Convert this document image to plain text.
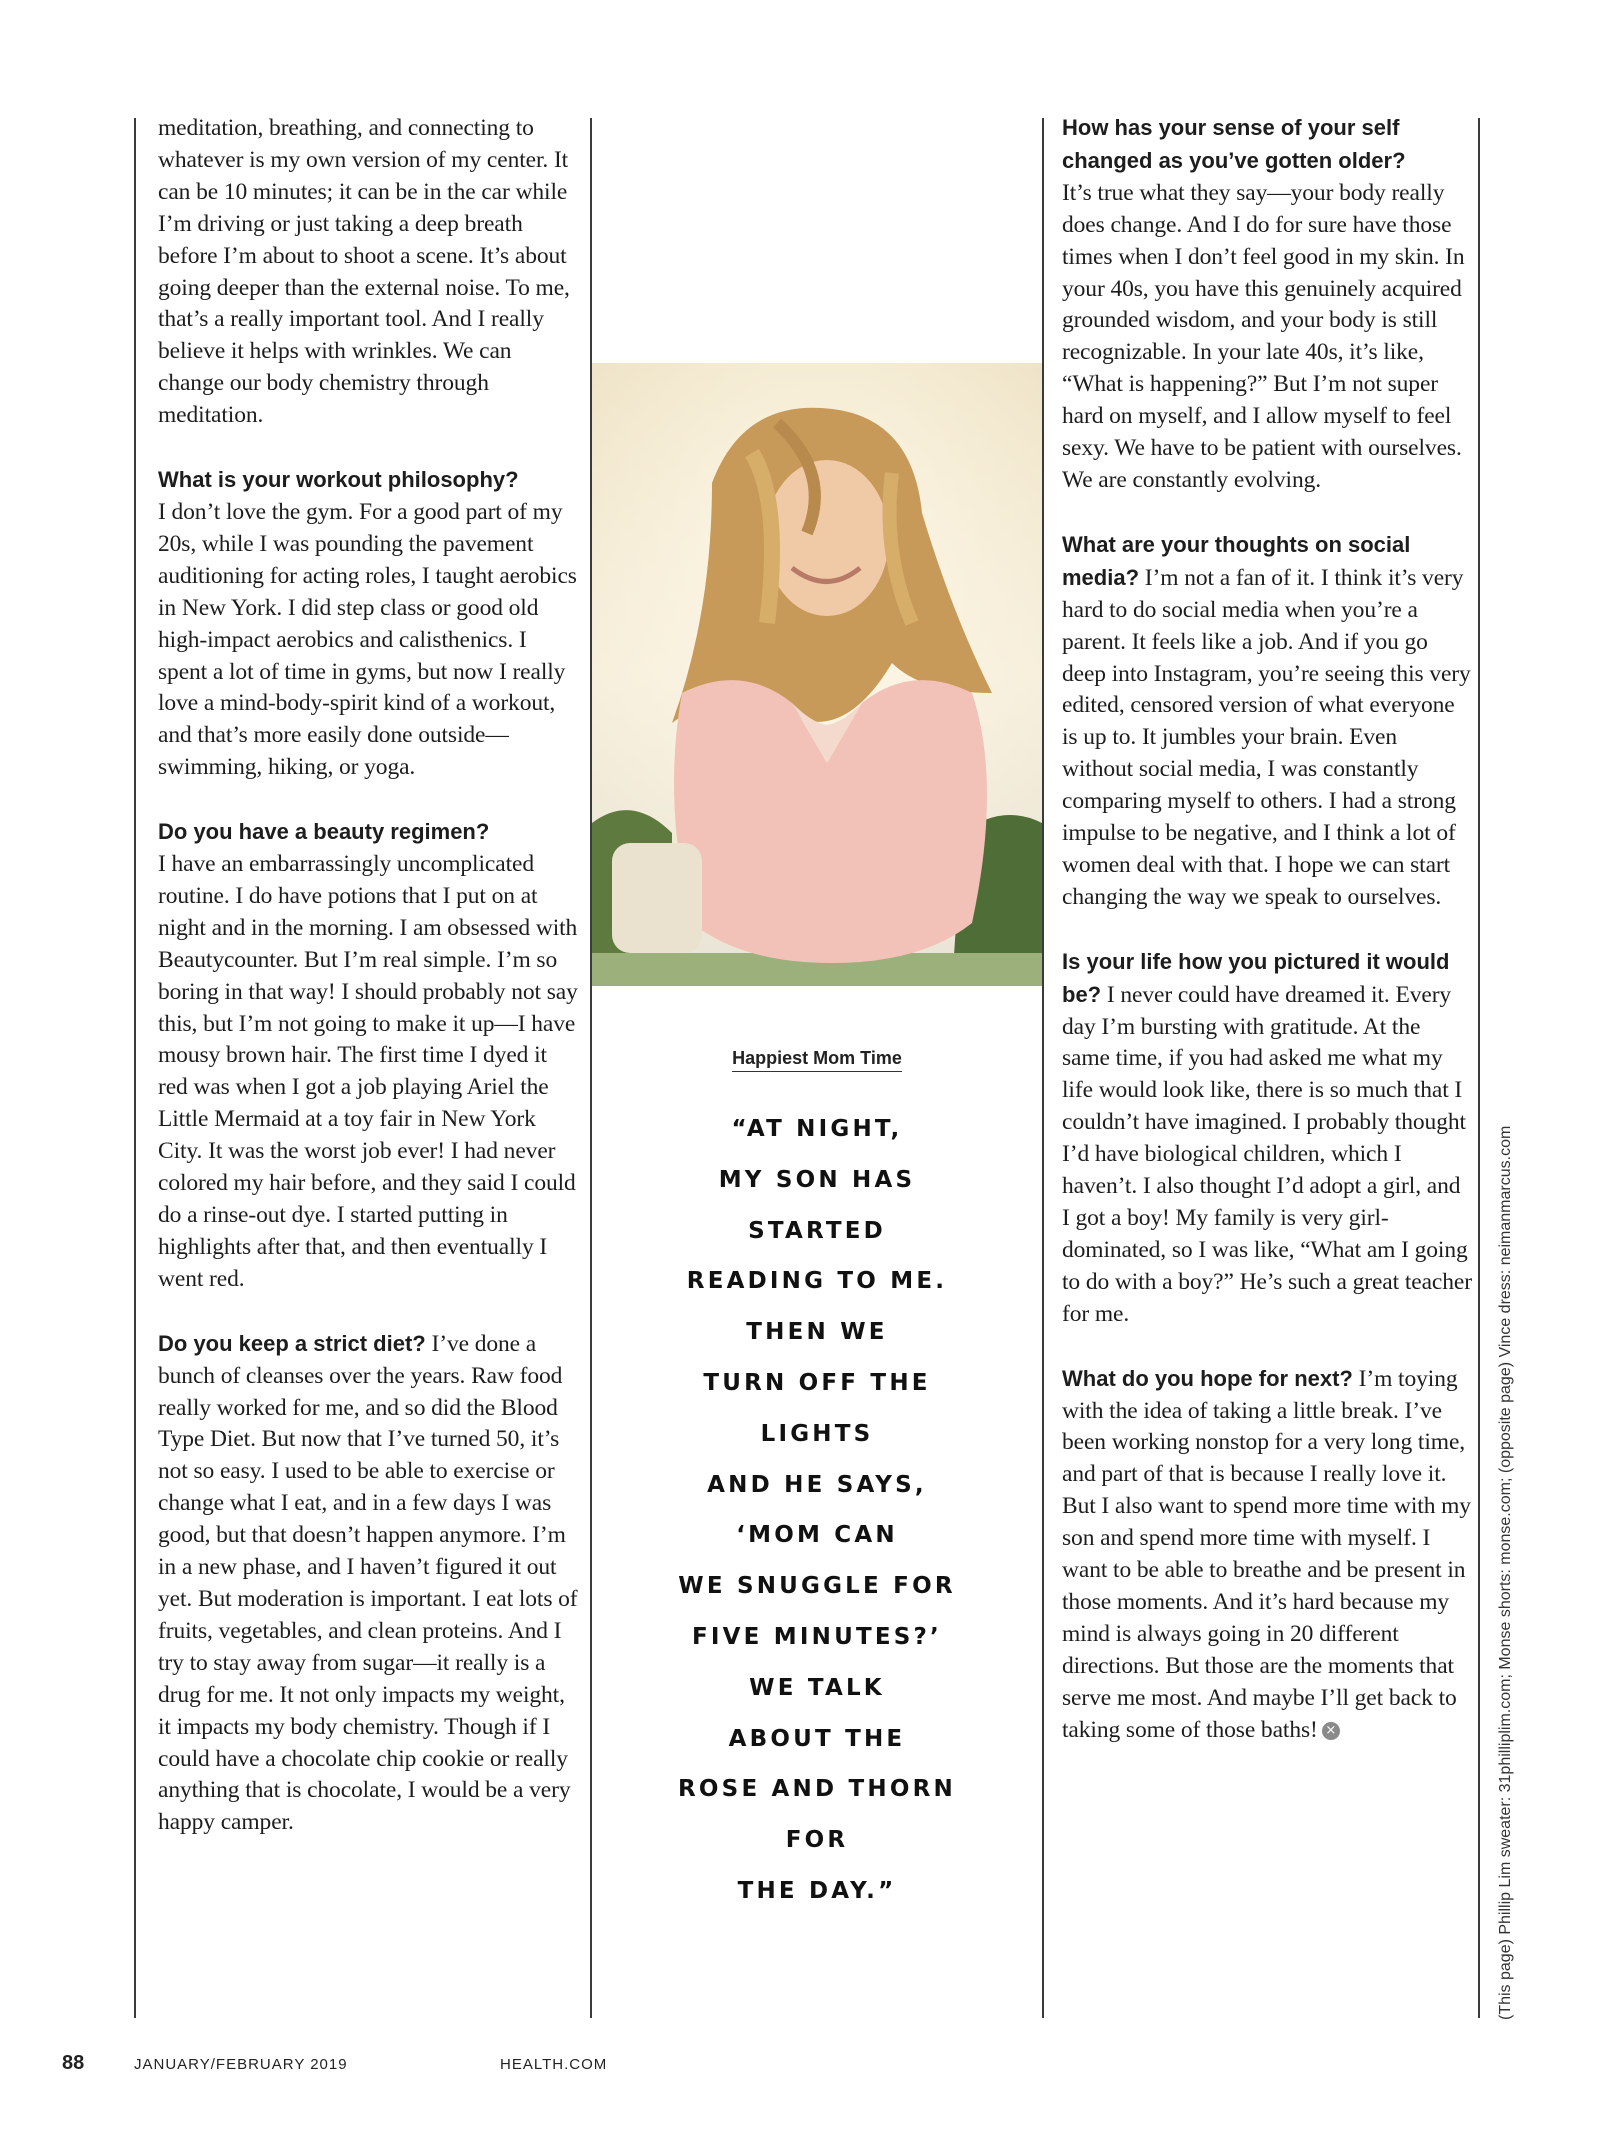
meditation, breathing, and connecting to whatever is my own version of my center. It can be 10 minutes; it can be in the car while I’m driving or just taking a deep breath before I’m about to shoot a scene. It’s about going deeper than the external noise. To me, that’s a really important tool. And I really believe it helps with wrinkles. We can change our body chemistry through meditation.

What is your workout philosophy?
I don’t love the gym. For a good part of my 20s, while I was pounding the pavement auditioning for acting roles, I taught aerobics in New York. I did step class or good old high-impact aerobics and calisthenics. I spent a lot of time in gyms, but now I really love a mind-body-spirit kind of a workout, and that’s more easily done outside—swimming, hiking, or yoga.

Do you have a beauty regimen?
I have an embarrassingly uncomplicated routine. I do have potions that I put on at night and in the morning. I am obsessed with Beautycounter. But I’m real simple. I’m so boring in that way! I should probably not say this, but I’m not going to make it up—I have mousy brown hair. The first time I dyed it red was when I got a job playing Ariel the Little Mermaid at a toy fair in New York City. It was the worst job ever! I had never colored my hair before, and they said I could do a rinse-out dye. I started putting in highlights after that, and then eventually I went red.

Do you keep a strict diet? I’ve done a bunch of cleanses over the years. Raw food really worked for me, and so did the Blood Type Diet. But now that I’ve turned 50, it’s not so easy. I used to be able to exercise or change what I eat, and in a few days I was good, but that doesn’t happen anymore. I’m in a new phase, and I haven’t figured it out yet. But moderation is important. I eat lots of fruits, vegetables, and clean proteins. And I try to stay away from sugar—it really is a drug for me. It not only impacts my weight, it impacts my body chemistry. Though if I could have a chocolate chip cookie or really anything that is chocolate, I would be a very happy camper.

Happiest Mom Time
“AT NIGHT,
MY SON HAS
STARTED
READING TO ME.
THEN WE
TURN OFF THE
LIGHTS
AND HE SAYS,
‘MOM CAN
WE SNUGGLE FOR
FIVE MINUTES?’
WE TALK
ABOUT THE
ROSE AND THORN
FOR
THE DAY.”

How has your sense of your self changed as you’ve gotten older?
It’s true what they say—your body really does change. And I do for sure have those times when I don’t feel good in my skin. In your 40s, you have this genuinely acquired grounded wisdom, and your body is still recognizable. In your late 40s, it’s like, “What is happening?” But I’m not super hard on myself, and I allow myself to feel sexy. We have to be patient with ourselves. We are constantly evolving.

What are your thoughts on social media? I’m not a fan of it. I think it’s very hard to do social media when you’re a parent. It feels like a job. And if you go deep into Instagram, you’re seeing this very edited, censored version of what everyone is up to. It jumbles your brain. Even without social media, I was constantly comparing myself to others. I had a strong impulse to be negative, and I think a lot of women deal with that. I hope we can start changing the way we speak to ourselves.

Is your life how you pictured it would be? I never could have dreamed it. Every day I’m bursting with gratitude. At the same time, if you had asked me what my life would look like, there is so much that I couldn’t have imagined. I probably thought I’d have biological children, which I haven’t. I also thought I’d adopt a girl, and I got a boy! My family is very girl-dominated, so I was like, “What am I going to do with a boy?” He’s such a great teacher for me.

What do you hope for next? I’m toying with the idea of taking a little break. I’ve been working nonstop for a very long time, and part of that is because I really love it. But I also want to spend more time with my son and spend more time with myself. I want to be able to breathe and be present in those moments. And it’s hard because my mind is always going in 20 different directions. But those are the moments that serve me most. And maybe I’ll get back to taking some of those baths! ×	(This page) Phillip Lim sweater: 31philliplim.com; Monse shorts: monse.com; (opposite page) Vince dress: neimanmarcus.com
88	JANUARY/FEBRUARY 2019	HEALTH.COM
